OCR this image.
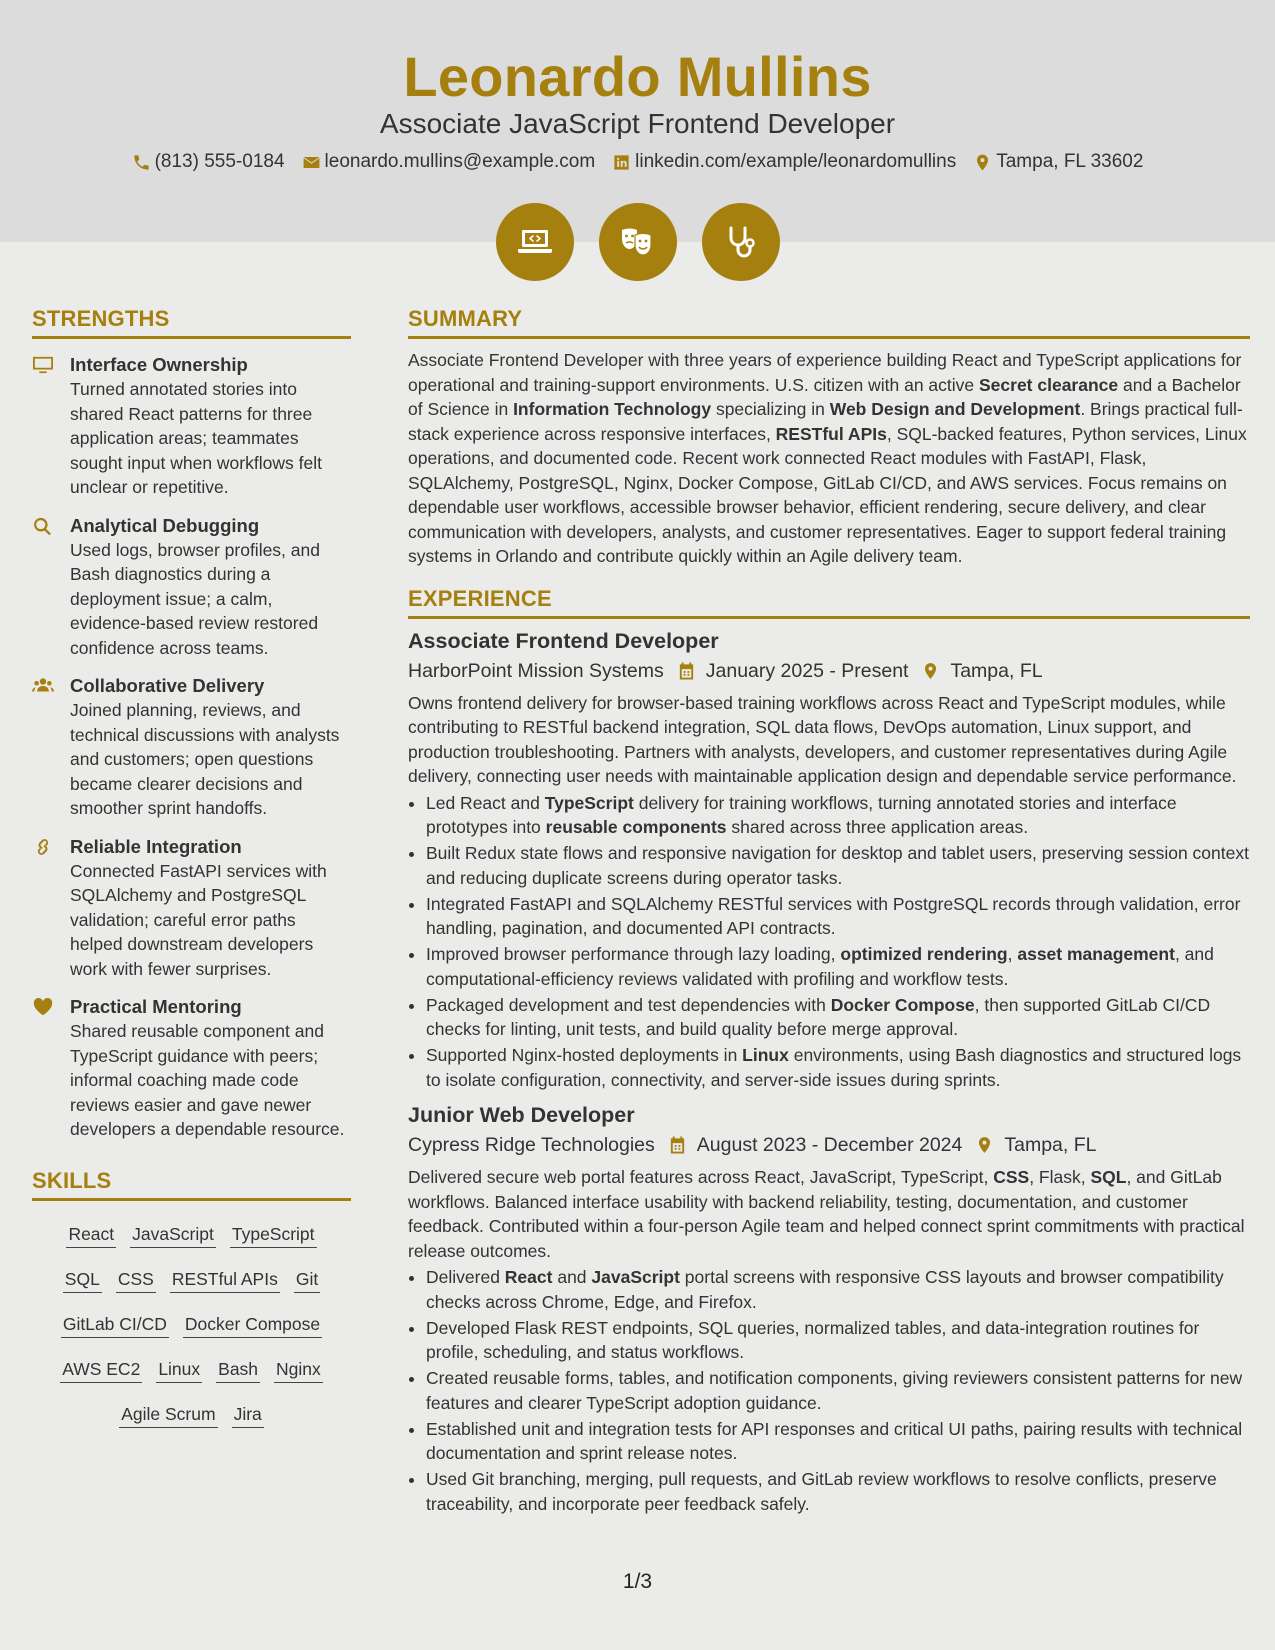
Leonardo Mullins
Associate JavaScript Frontend Developer
(813) 555-0184 leonardo.mullins@example.com linkedin.com/example/leonardomullins Tampa, FL 33602
STRENGTHS
Interface Ownership
Turned annotated stories into shared React patterns for three application areas; teammates sought input when workflows felt unclear or repetitive.
Analytical Debugging
Used logs, browser profiles, and Bash diagnostics during a deployment issue; a calm, evidence-based review restored confidence across teams.
Collaborative Delivery
Joined planning, reviews, and technical discussions with analysts and customers; open questions became clearer decisions and smoother sprint handoffs.
Reliable Integration
Connected FastAPI services with SQLAlchemy and PostgreSQL validation; careful error paths helped downstream developers work with fewer surprises.
Practical Mentoring
Shared reusable component and TypeScript guidance with peers; informal coaching made code reviews easier and gave newer developers a dependable resource.
SKILLS
React JavaScript TypeScript
SQL CSS RESTful APIs Git
GitLab CI/CD Docker Compose
AWS EC2 Linux Bash Nginx
Agile Scrum Jira
SUMMARY
Associate Frontend Developer with three years of experience building React and TypeScript applications for operational and training-support environments. U.S. citizen with an active Secret clearance and a Bachelor of Science in Information Technology specializing in Web Design and Development. Brings practical full-stack experience across responsive interfaces, RESTful APIs, SQL-backed features, Python services, Linux operations, and documented code. Recent work connected React modules with FastAPI, Flask, SQLAlchemy, PostgreSQL, Nginx, Docker Compose, GitLab CI/CD, and AWS services. Focus remains on dependable user workflows, accessible browser behavior, efficient rendering, secure delivery, and clear communication with developers, analysts, and customer representatives. Eager to support federal training systems in Orlando and contribute quickly within an Agile delivery team.
EXPERIENCE
Associate Frontend Developer
HarborPoint Mission Systems January 2025 - Present Tampa, FL
Owns frontend delivery for browser-based training workflows across React and TypeScript modules, while contributing to RESTful backend integration, SQL data flows, DevOps automation, Linux support, and production troubleshooting. Partners with analysts, developers, and customer representatives during Agile delivery, connecting user needs with maintainable application design and dependable service performance.
• Led React and TypeScript delivery for training workflows, turning annotated stories and interface prototypes into reusable components shared across three application areas.
• Built Redux state flows and responsive navigation for desktop and tablet users, preserving session context and reducing duplicate screens during operator tasks.
• Integrated FastAPI and SQLAlchemy RESTful services with PostgreSQL records through validation, error handling, pagination, and documented API contracts.
• Improved browser performance through lazy loading, optimized rendering, asset management, and computational-efficiency reviews validated with profiling and workflow tests.
• Packaged development and test dependencies with Docker Compose, then supported GitLab CI/CD checks for linting, unit tests, and build quality before merge approval.
• Supported Nginx-hosted deployments in Linux environments, using Bash diagnostics and structured logs to isolate configuration, connectivity, and server-side issues during sprints.
Junior Web Developer
Cypress Ridge Technologies August 2023 - December 2024 Tampa, FL
Delivered secure web portal features across React, JavaScript, TypeScript, CSS, Flask, SQL, and GitLab workflows. Balanced interface usability with backend reliability, testing, documentation, and customer feedback. Contributed within a four-person Agile team and helped connect sprint commitments with practical release outcomes.
• Delivered React and JavaScript portal screens with responsive CSS layouts and browser compatibility checks across Chrome, Edge, and Firefox.
• Developed Flask REST endpoints, SQL queries, normalized tables, and data-integration routines for profile, scheduling, and status workflows.
• Created reusable forms, tables, and notification components, giving reviewers consistent patterns for new features and clearer TypeScript adoption guidance.
• Established unit and integration tests for API responses and critical UI paths, pairing results with technical documentation and sprint release notes.
• Used Git branching, merging, pull requests, and GitLab review workflows to resolve conflicts, preserve traceability, and incorporate peer feedback safely.
1/3
